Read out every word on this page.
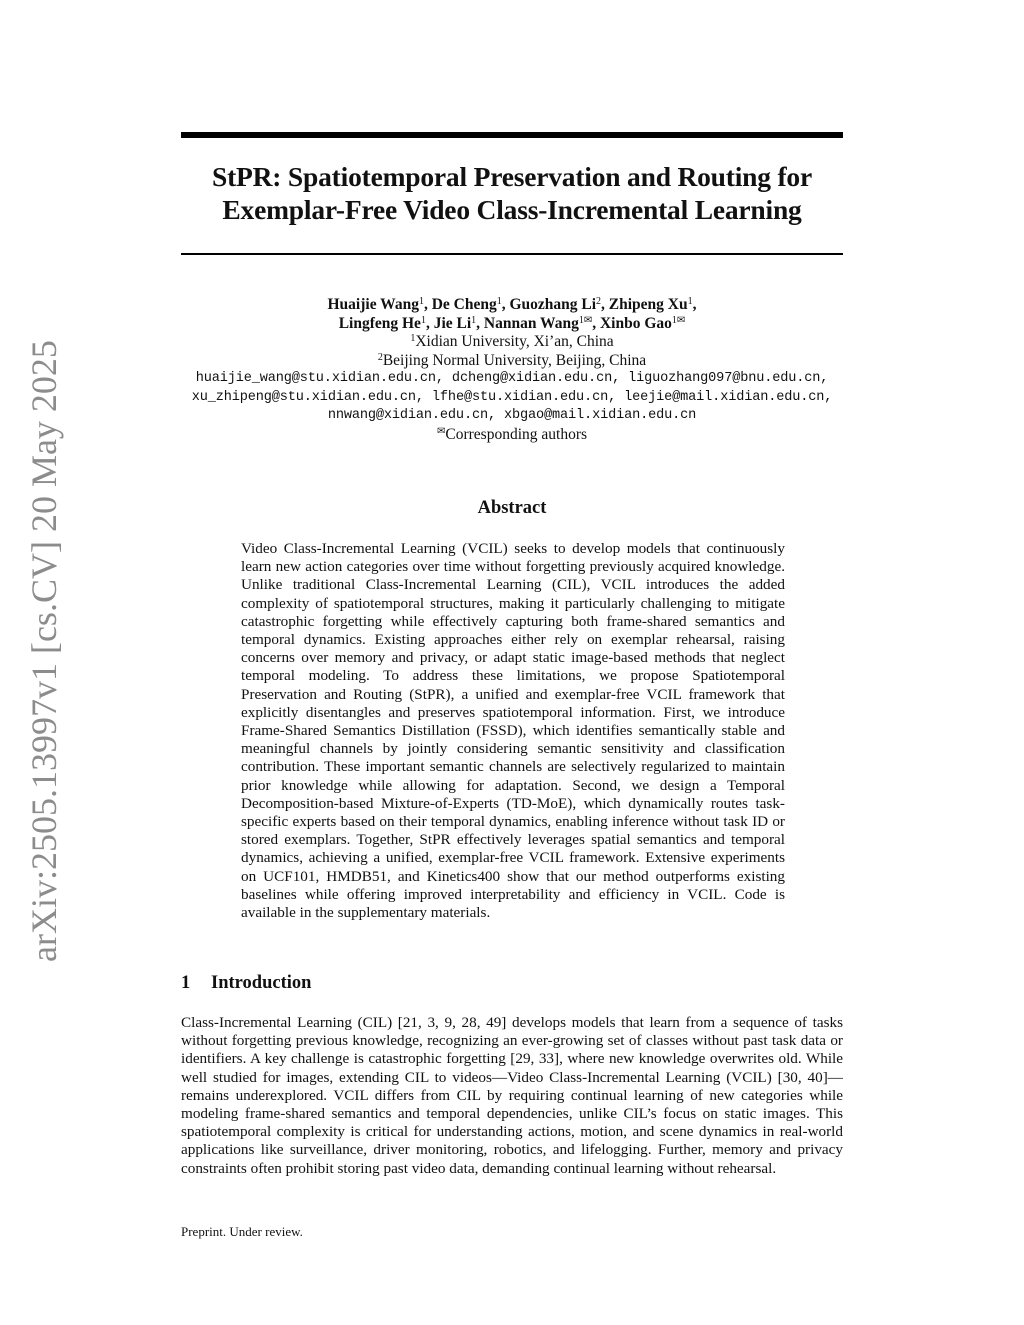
arXiv:2505.13997v1 [cs.CV] 20 May 2025
StPR: Spatiotemporal Preservation and Routing for
Exemplar-Free Video Class-Incremental Learning
Huaijie Wang$^1$, De Cheng$^1$, Guozhang Li$^2$, Zhipeng Xu$^1$,
Lingfeng He$^1$, Jie Li$^1$, Nannan Wang$^{1✉}$, Xinbo Gao$^{1✉}$
$^1$Xidian University, Xi’an, China
$^2$Beijing Normal University, Beijing, China
huaijie_wang@stu.xidian.edu.cn, dcheng@xidian.edu.cn, liguozhang097@bnu.edu.cn,
xu_zhipeng@stu.xidian.edu.cn, lfhe@stu.xidian.edu.cn, leejie@mail.xidian.edu.cn,
nnwang@xidian.edu.cn, xbgao@mail.xidian.edu.cn
✉Corresponding authors
Abstract

Video Class-Incremental Learning (VCIL) seeks to develop models that continuously learn new action categories over time without forgetting previously acquired knowledge. Unlike traditional Class-Incremental Learning (CIL), VCIL introduces the added complexity of spatiotemporal structures, making it particularly challenging to mitigate catastrophic forgetting while effectively capturing both frame-shared semantics and temporal dynamics. Existing approaches either rely on exemplar rehearsal, raising concerns over memory and privacy, or adapt static image-based methods that neglect temporal modeling. To address these limitations, we propose Spatiotemporal Preservation and Routing (StPR), a unified and exemplar-free VCIL framework that explicitly disentangles and preserves spatiotemporal information. First, we introduce Frame-Shared Semantics Distillation (FSSD), which identifies semantically stable and meaningful channels by jointly considering semantic sensitivity and classification contribution. These important semantic channels are selectively regularized to maintain prior knowledge while allowing for adaptation. Second, we design a Temporal Decomposition-based Mixture-of-Experts (TD-MoE), which dynamically routes task-specific experts based on their temporal dynamics, enabling inference without task ID or stored exemplars. Together, StPR effectively leverages spatial semantics and temporal dynamics, achieving a unified, exemplar-free VCIL framework. Extensive experiments on UCF101, HMDB51, and Kinetics400 show that our method outperforms existing baselines while offering improved interpretability and efficiency in VCIL. Code is available in the supplementary materials.

1 Introduction

Class-Incremental Learning (CIL) [21, 3, 9, 28, 49] develops models that learn from a sequence of tasks without forgetting previous knowledge, recognizing an ever-growing set of classes without past task data or identifiers. A key challenge is catastrophic forgetting [29, 33], where new knowledge overwrites old. While well studied for images, extending CIL to videos—Video Class-Incremental Learning (VCIL) [30, 40]—remains underexplored. VCIL differs from CIL by requiring continual learning of new categories while modeling frame-shared semantics and temporal dependencies, unlike CIL’s focus on static images. This spatiotemporal complexity is critical for understanding actions, motion, and scene dynamics in real-world applications like surveillance, driver monitoring, robotics, and lifelogging. Further, memory and privacy constraints often prohibit storing past video data, demanding continual learning without rehearsal.

Preprint. Under review.
